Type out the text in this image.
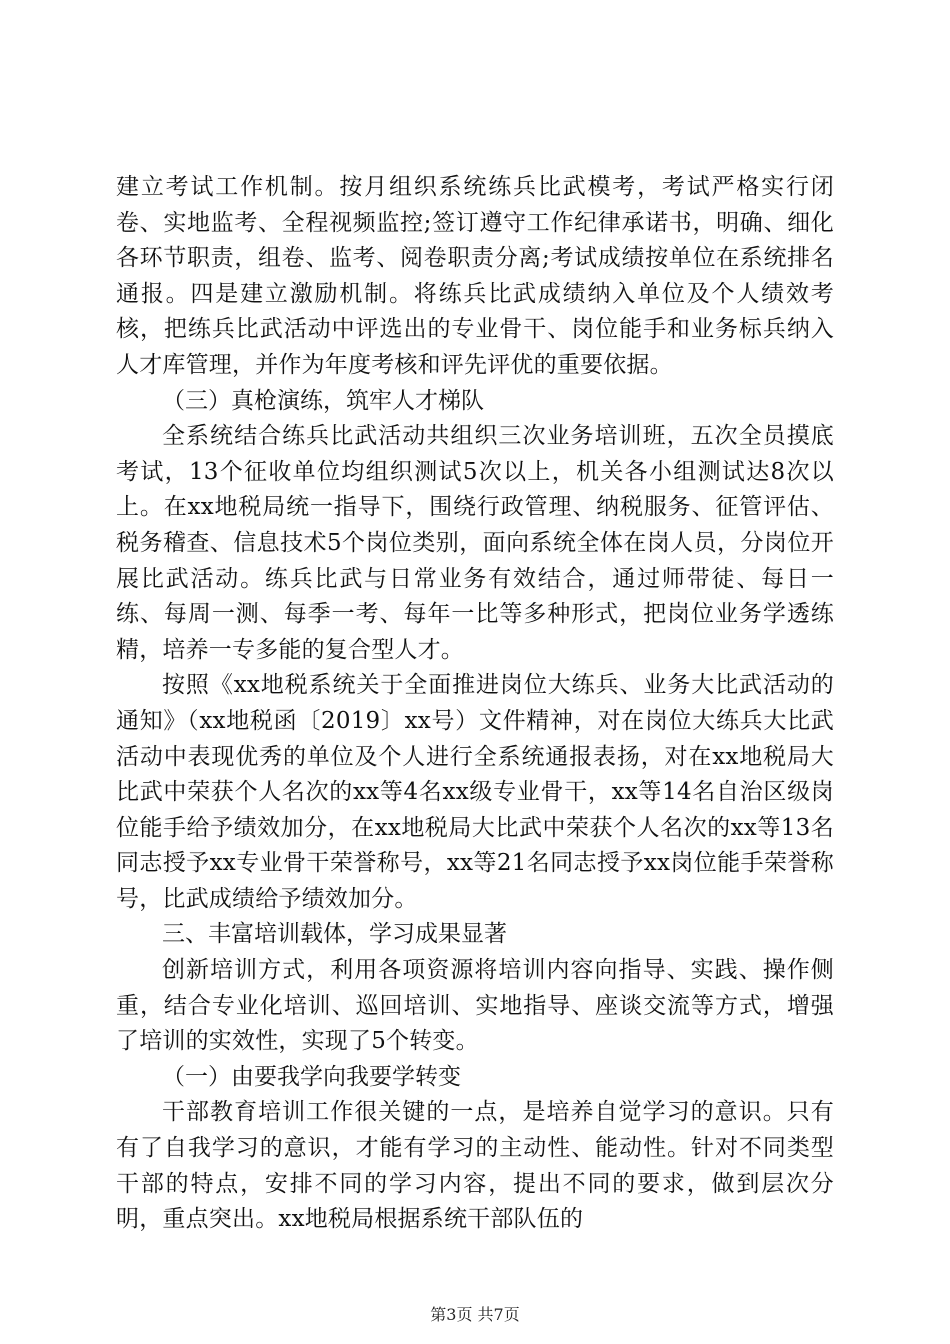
建立考试工作机制。按月组织系统练兵比武模考，考试严格实行闭卷、实地监考、全程视频监控;签订遵守工作纪律承诺书，明确、细化各环节职责，组卷、监考、阅卷职责分离;考试成绩按单位在系统排名通报。四是建立激励机制。将练兵比武成绩纳入单位及个人绩效考核，把练兵比武活动中评选出的专业骨干、岗位能手和业务标兵纳入人才库管理，并作为年度考核和评先评优的重要依据。

（三）真枪演练，筑牢人才梯队

全系统结合练兵比武活动共组织三次业务培训班，五次全员摸底考试，13个征收单位均组织测试5次以上，机关各小组测试达8次以上。在xx地税局统一指导下，围绕行政管理、纳税服务、征管评估、税务稽查、信息技术5个岗位类别，面向系统全体在岗人员，分岗位开展比武活动。练兵比武与日常业务有效结合，通过师带徒、每日一练、每周一测、每季一考、每年一比等多种形式，把岗位业务学透练精，培养一专多能的复合型人才。

按照《xx地税系统关于全面推进岗位大练兵、业务大比武活动的通知》（xx地税函〔2019〕xx号）文件精神，对在岗位大练兵大比武活动中表现优秀的单位及个人进行全系统通报表扬，对在xx地税局大比武中荣获个人名次的xx等4名xx级专业骨干，xx等14名自治区级岗位能手给予绩效加分，在xx地税局大比武中荣获个人名次的xx等13名同志授予xx专业骨干荣誉称号，xx等21名同志授予xx岗位能手荣誉称号，比武成绩给予绩效加分。

三、丰富培训载体，学习成果显著

创新培训方式，利用各项资源将培训内容向指导、实践、操作侧重，结合专业化培训、巡回培训、实地指导、座谈交流等方式，增强了培训的实效性，实现了5个转变。

（一）由要我学向我要学转变

干部教育培训工作很关键的一点，是培养自觉学习的意识。只有有了自我学习的意识，才能有学习的主动性、能动性。针对不同类型干部的特点，安排不同的学习内容，提出不同的要求，做到层次分明，重点突出。xx地税局根据系统干部队伍的

第3页 共7页
